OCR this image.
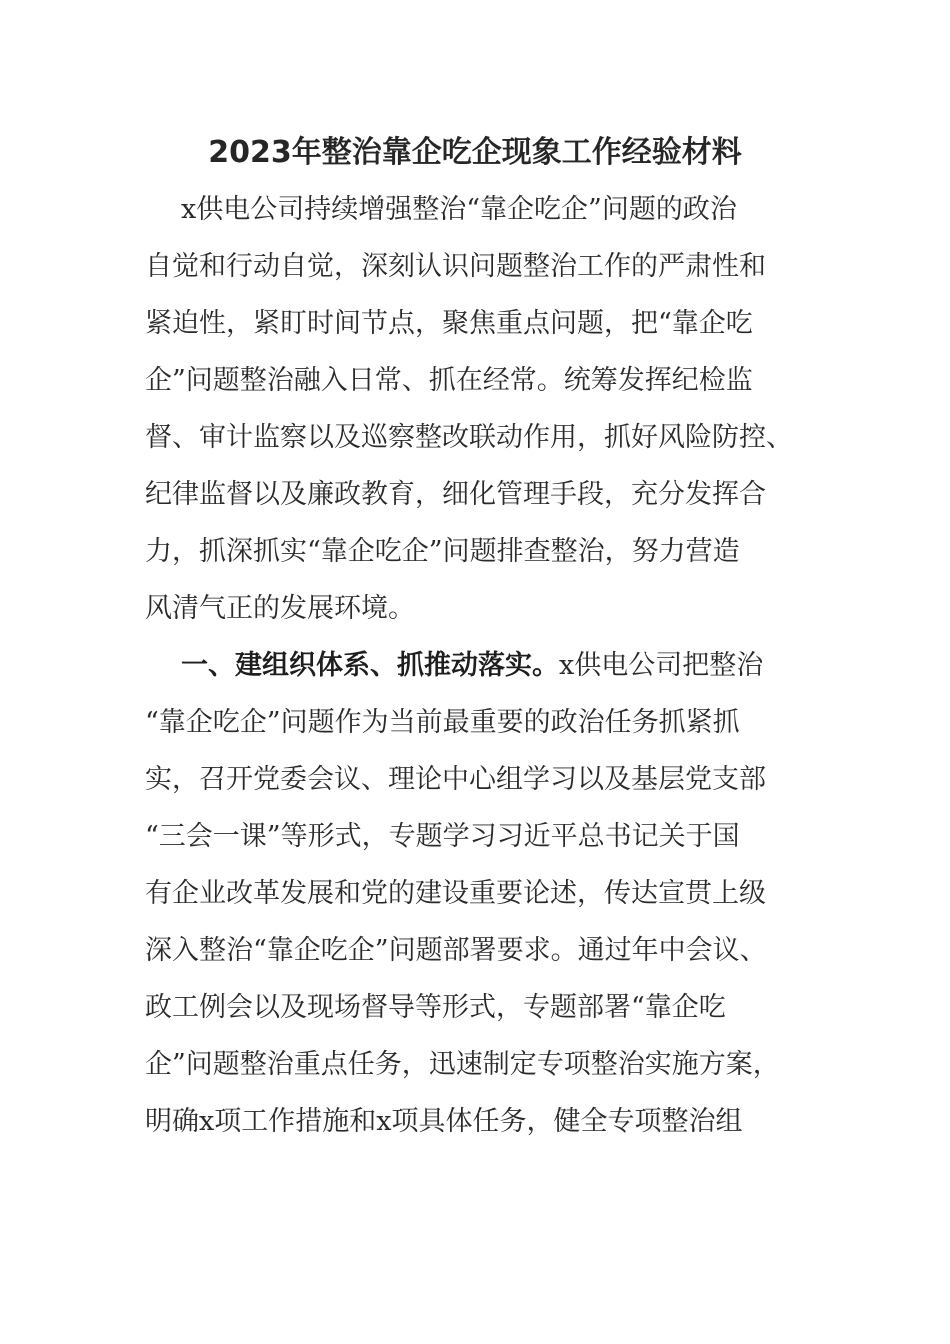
2023年整治靠企吃企现象工作经验材料
x供电公司持续增强整治“靠企吃企”问题的政治
自觉和行动自觉，深刻认识问题整治工作的严肃性和
紧迫性，紧盯时间节点，聚焦重点问题，把“靠企吃
企”问题整治融入日常、抓在经常。统筹发挥纪检监
督、审计监察以及巡察整改联动作用，抓好风险防控、
纪律监督以及廉政教育，细化管理手段，充分发挥合
力，抓深抓实“靠企吃企”问题排查整治，努力营造
风清气正的发展环境。
一、建组织体系、抓推动落实。x供电公司把整治
“靠企吃企”问题作为当前最重要的政治任务抓紧抓
实，召开党委会议、理论中心组学习以及基层党支部
“三会一课”等形式，专题学习习近平总书记关于国
有企业改革发展和党的建设重要论述，传达宣贯上级
深入整治“靠企吃企”问题部署要求。通过年中会议、
政工例会以及现场督导等形式，专题部署“靠企吃
企”问题整治重点任务，迅速制定专项整治实施方案，
明确x项工作措施和x项具体任务，健全专项整治组
